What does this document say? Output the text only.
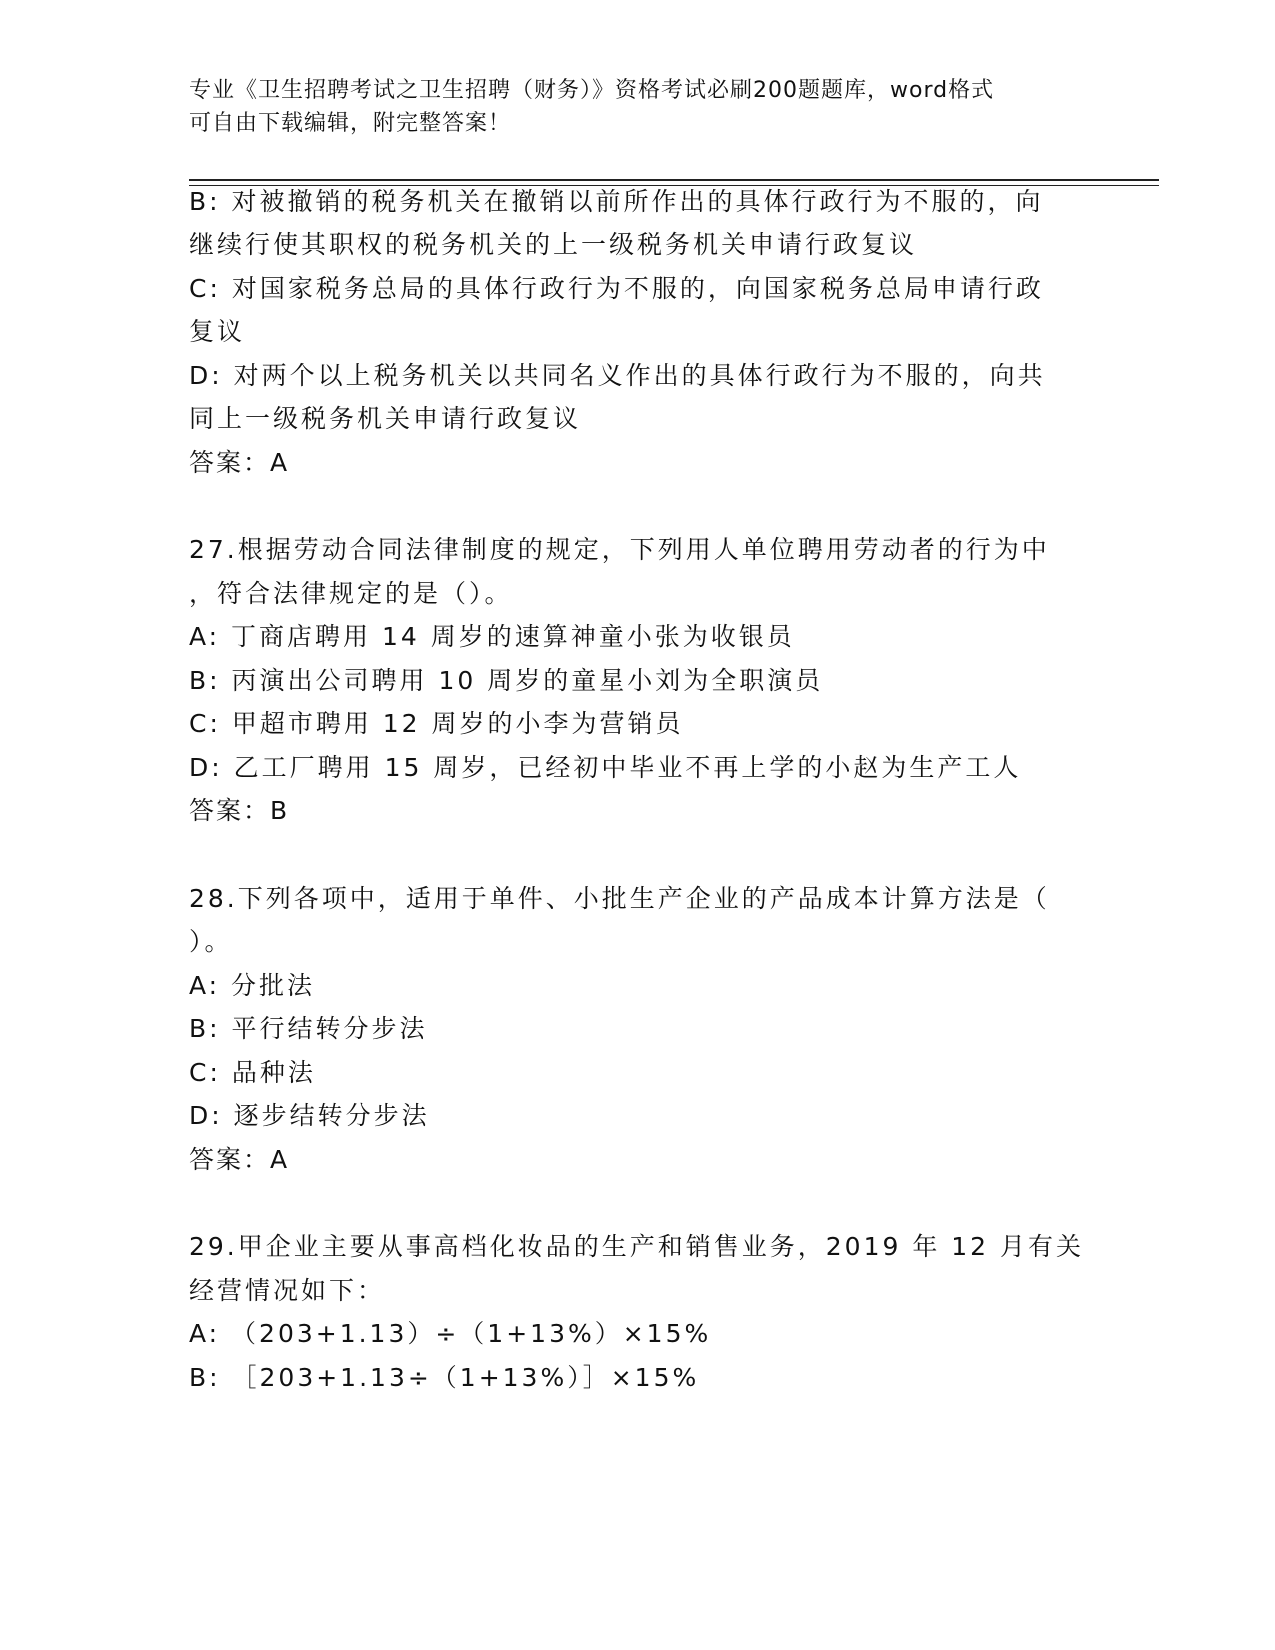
专业《卫生招聘考试之卫生招聘（财务）》资格考试必刷200题题库，word格式
可自由下载编辑，附完整答案！
B: 对被撤销的税务机关在撤销以前所作出的具体行政行为不服的，向
继续行使其职权的税务机关的上一级税务机关申请行政复议
C: 对国家税务总局的具体行政行为不服的，向国家税务总局申请行政
复议
D: 对两个以上税务机关以共同名义作出的具体行政行为不服的，向共
同上一级税务机关申请行政复议
答案：A
27.根据劳动合同法律制度的规定，下列用人单位聘用劳动者的行为中
，符合法律规定的是（）。
A: 丁商店聘用 14 周岁的速算神童小张为收银员
B: 丙演出公司聘用 10 周岁的童星小刘为全职演员
C: 甲超市聘用 12 周岁的小李为营销员
D: 乙工厂聘用 15 周岁，已经初中毕业不再上学的小赵为生产工人
答案：B
28.下列各项中，适用于单件、小批生产企业的产品成本计算方法是（
）。
A: 分批法
B: 平行结转分步法
C: 品种法
D: 逐步结转分步法
答案：A
29.甲企业主要从事高档化妆品的生产和销售业务，2019 年 12 月有关
经营情况如下：
A: （203+1.13）÷（1+13%）×15%
B: ［203+1.13÷（1+13%）］×15%
